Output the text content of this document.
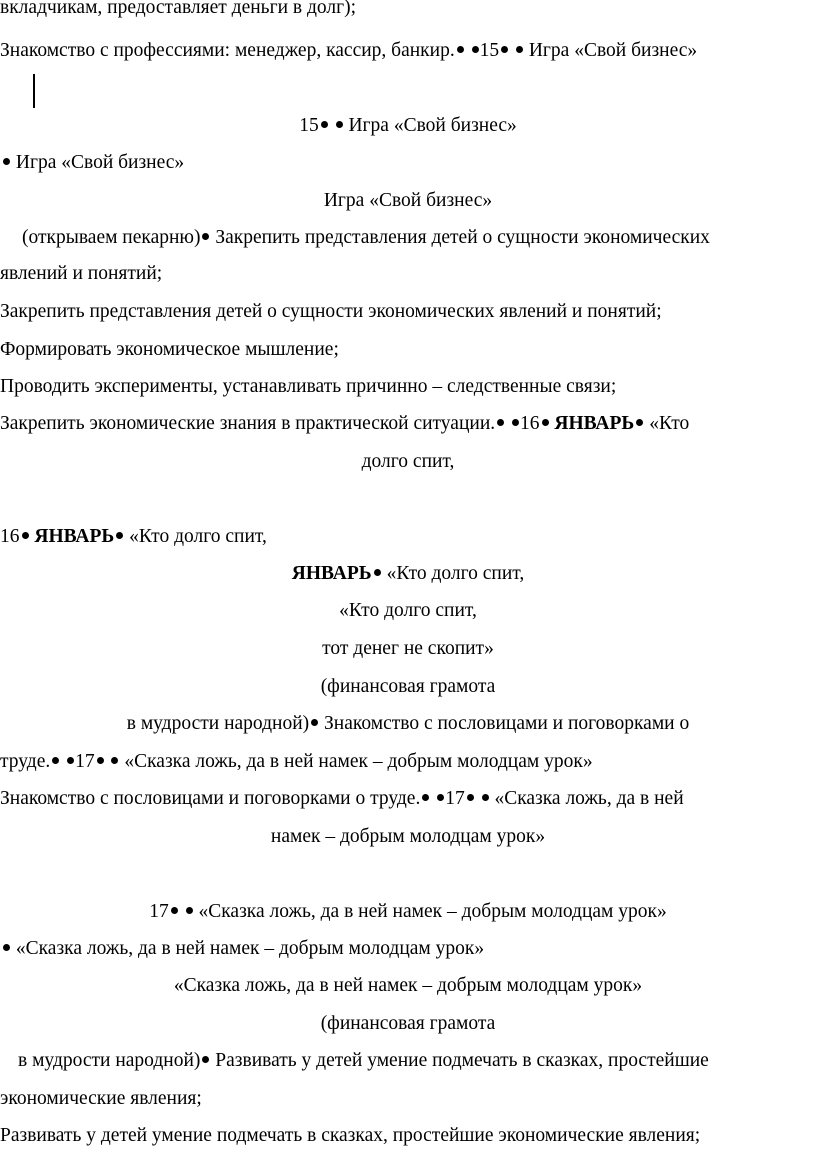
вкладчикам, предоставляет деньги в долг);
Знакомство с профессиями: менеджер, кассир, банкир. 15 Игра «Свой бизнес»
15 Игра «Свой бизнес»
Игра «Свой бизнес»
Игра «Свой бизнес»
(открываем пекарню) Закрепить представления детей о сущности экономических
явлений и понятий;
Закрепить представления детей о сущности экономических явлений и понятий;
Формировать экономическое мышление;
Проводить эксперименты, устанавливать причинно – следственные связи;
Закрепить экономические знания в практической ситуации. 16 ЯНВАРЬ «Кто
долго спит,
16 ЯНВАРЬ «Кто долго спит,
ЯНВАРЬ «Кто долго спит,
«Кто долго спит,
тот денег не скопит»
(финансовая грамота
в мудрости народной) Знакомство с пословицами и поговорками о
труде. 17 «Сказка ложь, да в ней намек – добрым молодцам урок»
Знакомство с пословицами и поговорками о труде. 17 «Сказка ложь, да в ней
намек – добрым молодцам урок»
17 «Сказка ложь, да в ней намек – добрым молодцам урок»
«Сказка ложь, да в ней намек – добрым молодцам урок»
«Сказка ложь, да в ней намек – добрым молодцам урок»
(финансовая грамота
в мудрости народной) Развивать у детей умение подмечать в сказках, простейшие
экономические явления;
Развивать у детей умение подмечать в сказках, простейшие экономические явления;
